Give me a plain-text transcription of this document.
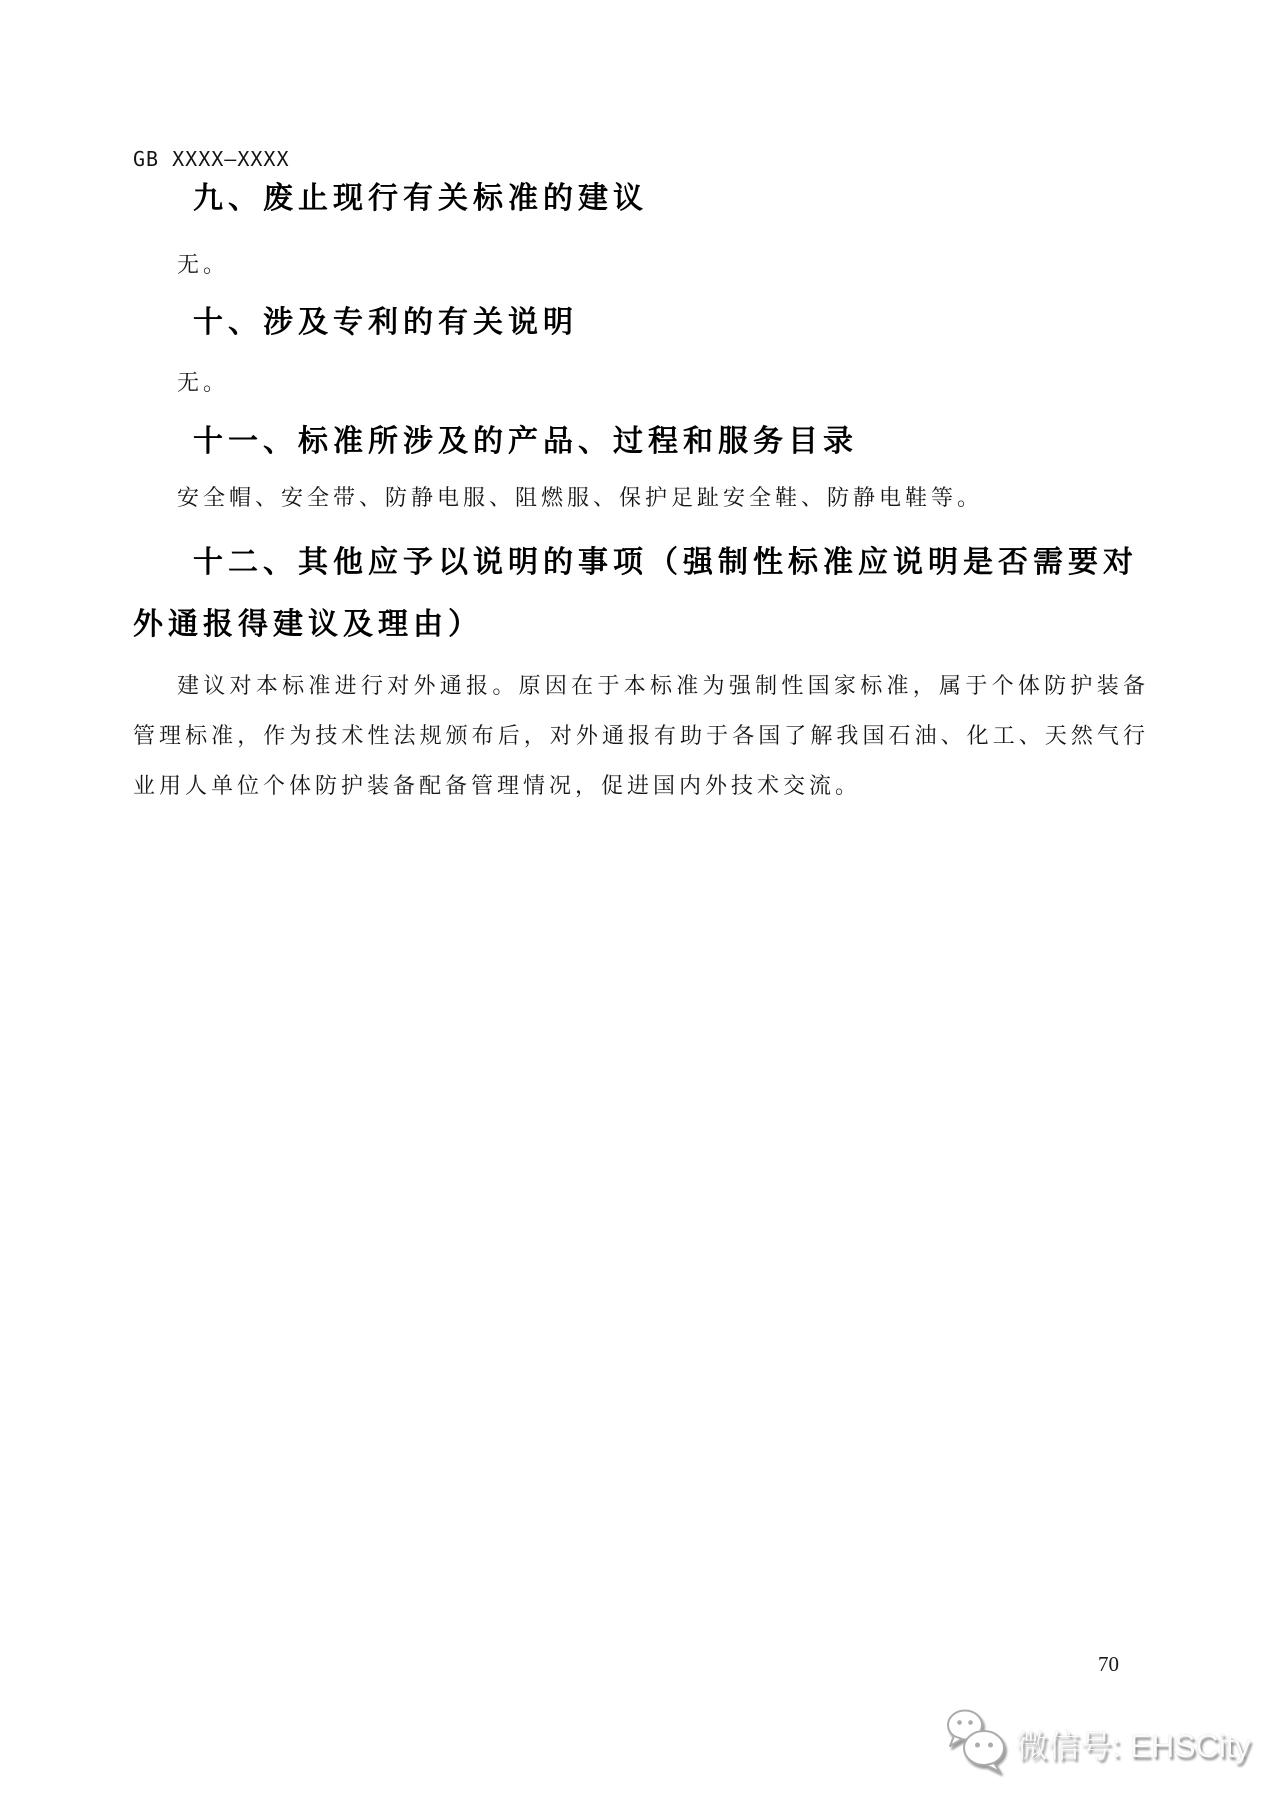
GB XXXX—XXXX
九、废止现行有关标准的建议
无。
十、涉及专利的有关说明
无。
十一、标准所涉及的产品、过程和服务目录
安全帽、安全带、防静电服、阻燃服、保护足趾安全鞋、防静电鞋等。
十二、其他应予以说明的事项（强制性标准应说明是否需要对外通报得建议及理由）
建议对本标准进行对外通报。原因在于本标准为强制性国家标准，属于个体防护装备管理标准，作为技术性法规颁布后，对外通报有助于各国了解我国石油、化工、天然气行业用人单位个体防护装备配备管理情况，促进国内外技术交流。
70
微信号: EHSCity
